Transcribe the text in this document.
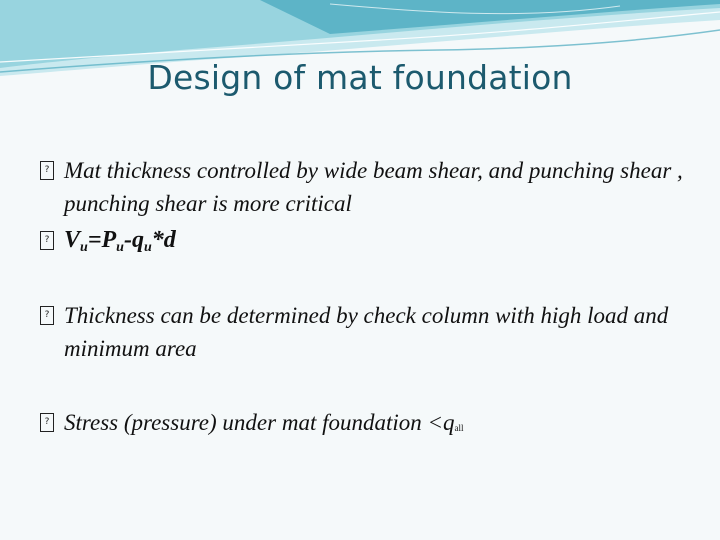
Design of mat foundation
? Mat thickness controlled by wide beam shear, and punching shear , punching shear is more critical
? $V_u=P_u-q_u*d$
? Thickness can be determined by check column with high load and minimum area
? Stress (pressure) under mat foundation <qall
